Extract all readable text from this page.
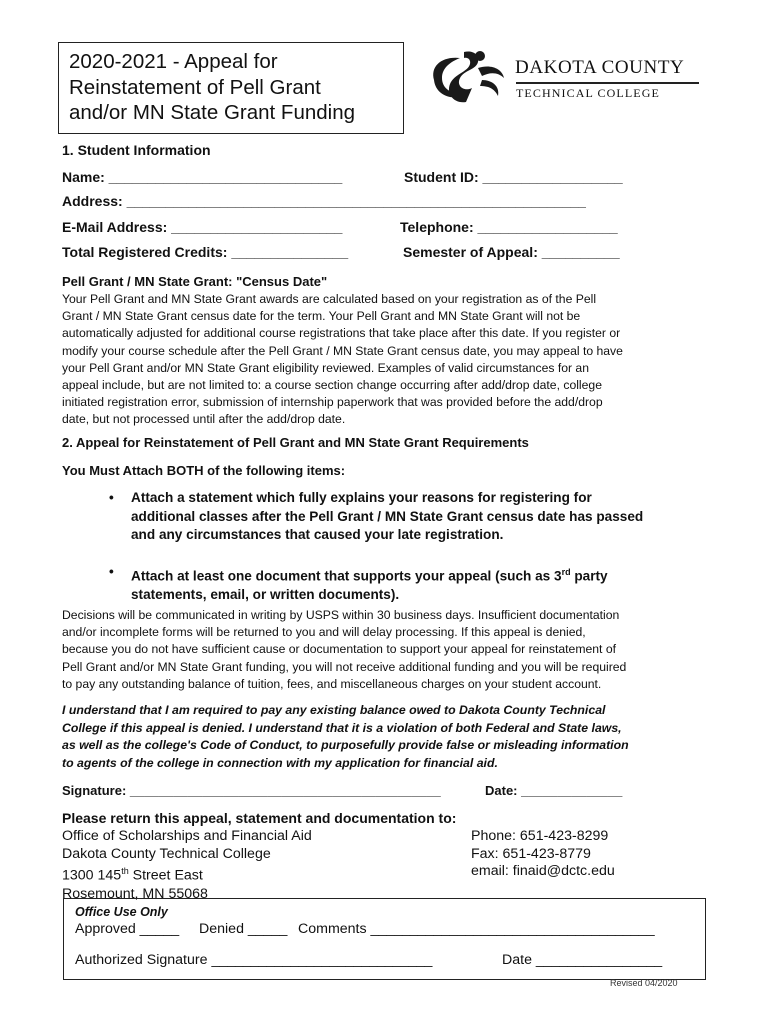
2020-2021 - Appeal for
Reinstatement of Pell Grant
and/or MN State Grant Funding
DAKOTA COUNTY
TECHNICAL COLLEGE
1. Student Information
Name: ______________________________	Student ID: __________________
Address: ___________________________________________________________
E-Mail Address: ______________________	Telephone: __________________
Total Registered Credits: _______________	Semester of Appeal: __________
Pell Grant / MN State Grant: "Census Date"
Your Pell Grant and MN State Grant awards are calculated based on your registration as of the Pell
Grant / MN State Grant census date for the term. Your Pell Grant and MN State Grant will not be
automatically adjusted for additional course registrations that take place after this date. If you register or
modify your course schedule after the Pell Grant / MN State Grant census date, you may appeal to have
your Pell Grant and/or MN State Grant eligibility reviewed. Examples of valid circumstances for an
appeal include, but are not limited to: a course section change occurring after add/drop date, college
initiated registration error, submission of internship paperwork that was provided before the add/drop
date, but not processed until after the add/drop date.
2. Appeal for Reinstatement of Pell Grant and MN State Grant Requirements
You Must Attach BOTH of the following items:
• Attach a statement which fully explains your reasons for registering for
additional classes after the Pell Grant / MN State Grant census date has passed
and any circumstances that caused your late registration.
• Attach at least one document that supports your appeal (such as 3rd party
statements, email, or written documents).
Decisions will be communicated in writing by USPS within 30 business days. Insufficient documentation
and/or incomplete forms will be returned to you and will delay processing. If this appeal is denied,
because you do not have sufficient cause or documentation to support your appeal for reinstatement of
Pell Grant and/or MN State Grant funding, you will not receive additional funding and you will be required
to pay any outstanding balance of tuition, fees, and miscellaneous charges on your student account.
I understand that I am required to pay any existing balance owed to Dakota County Technical
College if this appeal is denied. I understand that it is a violation of both Federal and State laws,
as well as the college's Code of Conduct, to purposefully provide false or misleading information
to agents of the college in connection with my application for financial aid.
Signature: ___________________________________________	Date: ______________
Please return this appeal, statement and documentation to:
Office of Scholarships and Financial Aid
Dakota County Technical College
1300 145th Street East
Rosemount, MN 55068
Phone: 651-423-8299
Fax: 651-423-8779
email: finaid@dctc.edu
Office Use Only
Approved _____ Denied _____ Comments ____________________________________
Authorized Signature ____________________________	Date ________________
Revised 04/2020
